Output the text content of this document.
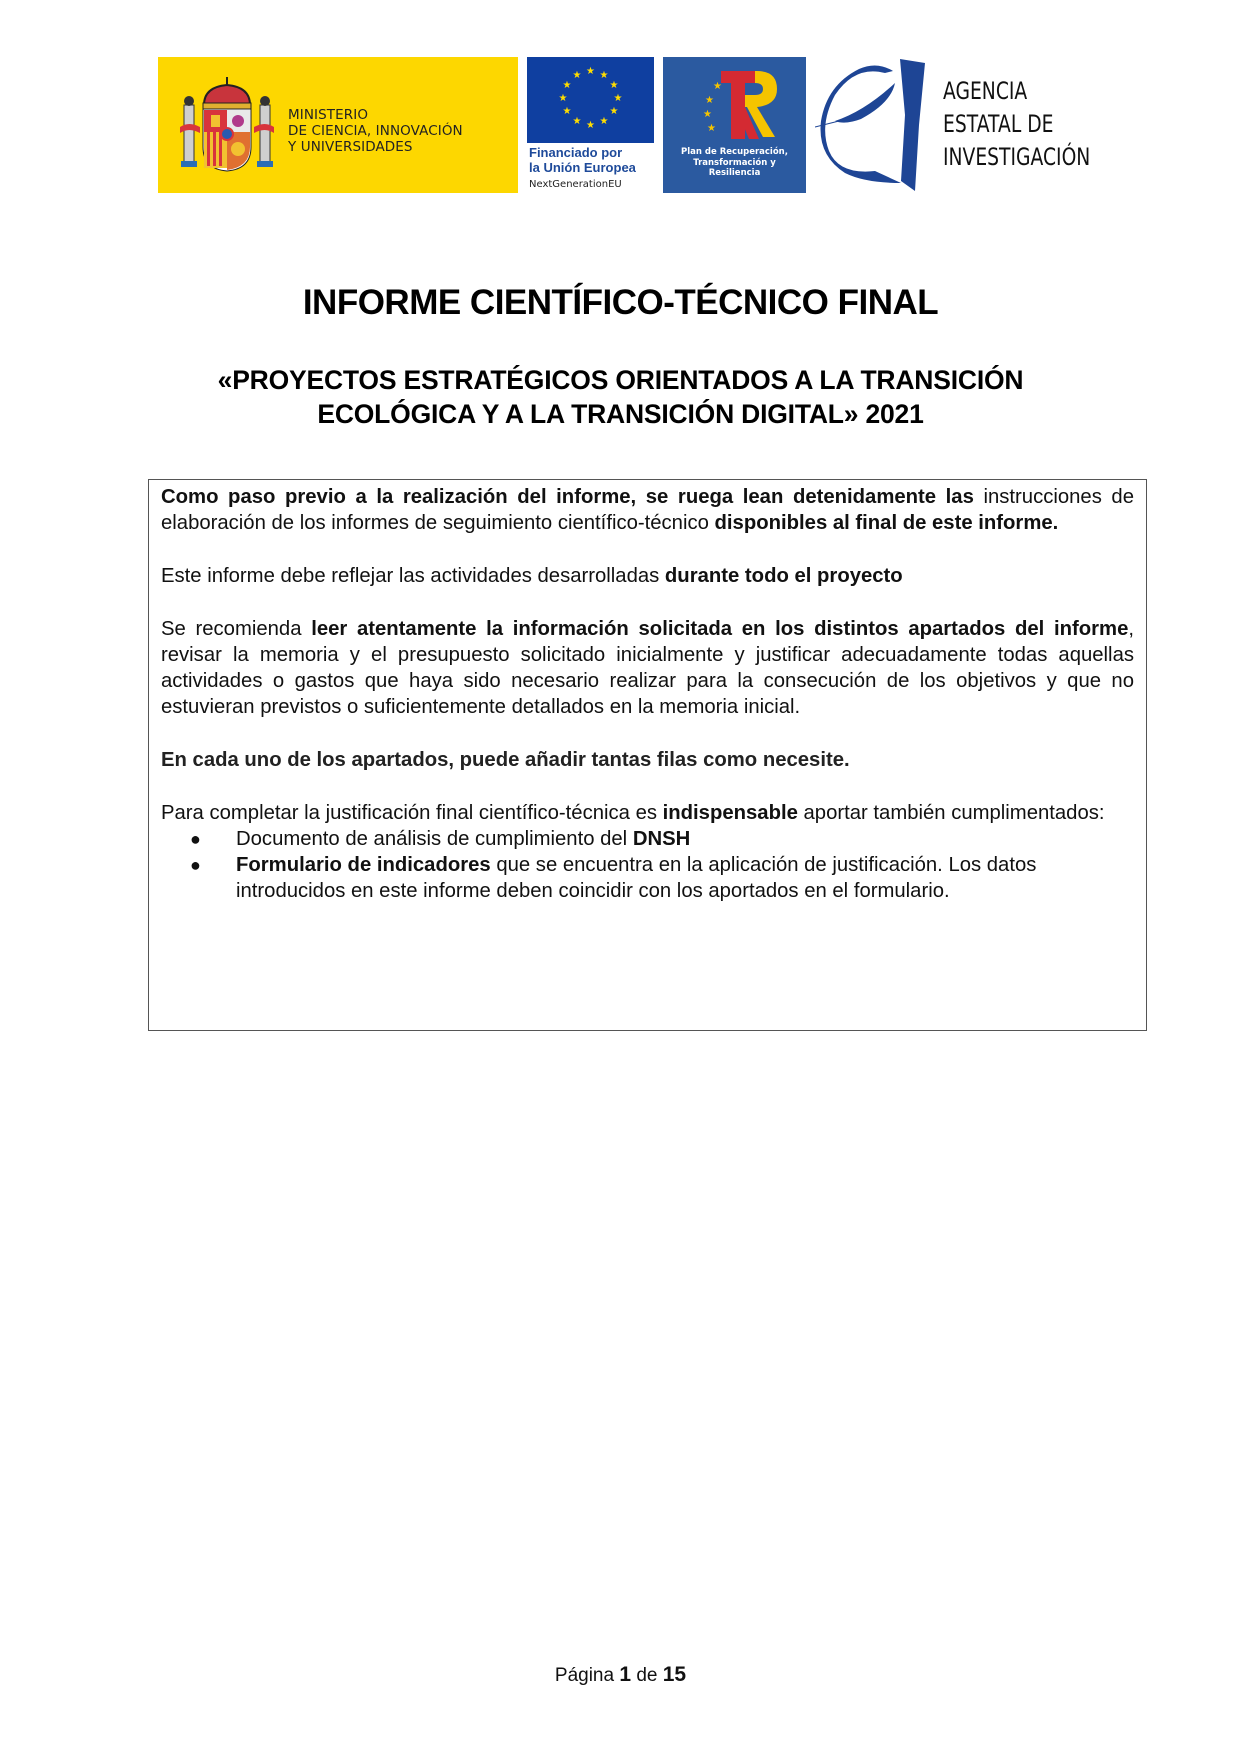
MINISTERIO
DE CIENCIA, INNOVACIÓN
Y UNIVERSIDADES
★ ★
★
★
★
★
★
★
★
★
★
★
Financiado por
la Unión Europea
NextGenerationEU
★
★
★
★
Plan de Recuperación,
Transformación y
Resiliencia
AGENCIA
ESTATAL DE
INVESTIGACIÓN
INFORME CIENTÍFICO-TÉCNICO FINAL
«PROYECTOS ESTRATÉGICOS ORIENTADOS A LA TRANSICIÓN
ECOLÓGICA Y A LA TRANSICIÓN DIGITAL» 2021

Como paso previo a la realización del informe, se ruega lean detenidamente las instrucciones de elaboración de los informes de seguimiento científico-técnico disponibles al final de este informe.

Este informe debe reflejar las actividades desarrolladas durante todo el proyecto

Se recomienda leer atentamente la información solicitada en los distintos apartados del informe, revisar la memoria y el presupuesto solicitado inicialmente y justificar adecuadamente todas aquellas actividades o gastos que haya sido necesario realizar para la consecución de los objetivos y que no estuvieran previstos o suficientemente detallados en la memoria inicial.

En cada uno de los apartados, puede añadir tantas filas como necesite.

Para completar la justificación final científico-técnica es indispensable aportar también cumplimentados:

● Documento de análisis de cumplimiento del DNSH
● Formulario de indicadores que se encuentra en la aplicación de justificación. Los datos introducidos en este informe deben coincidir con los aportados en el formulario.
Página 1 de 15
